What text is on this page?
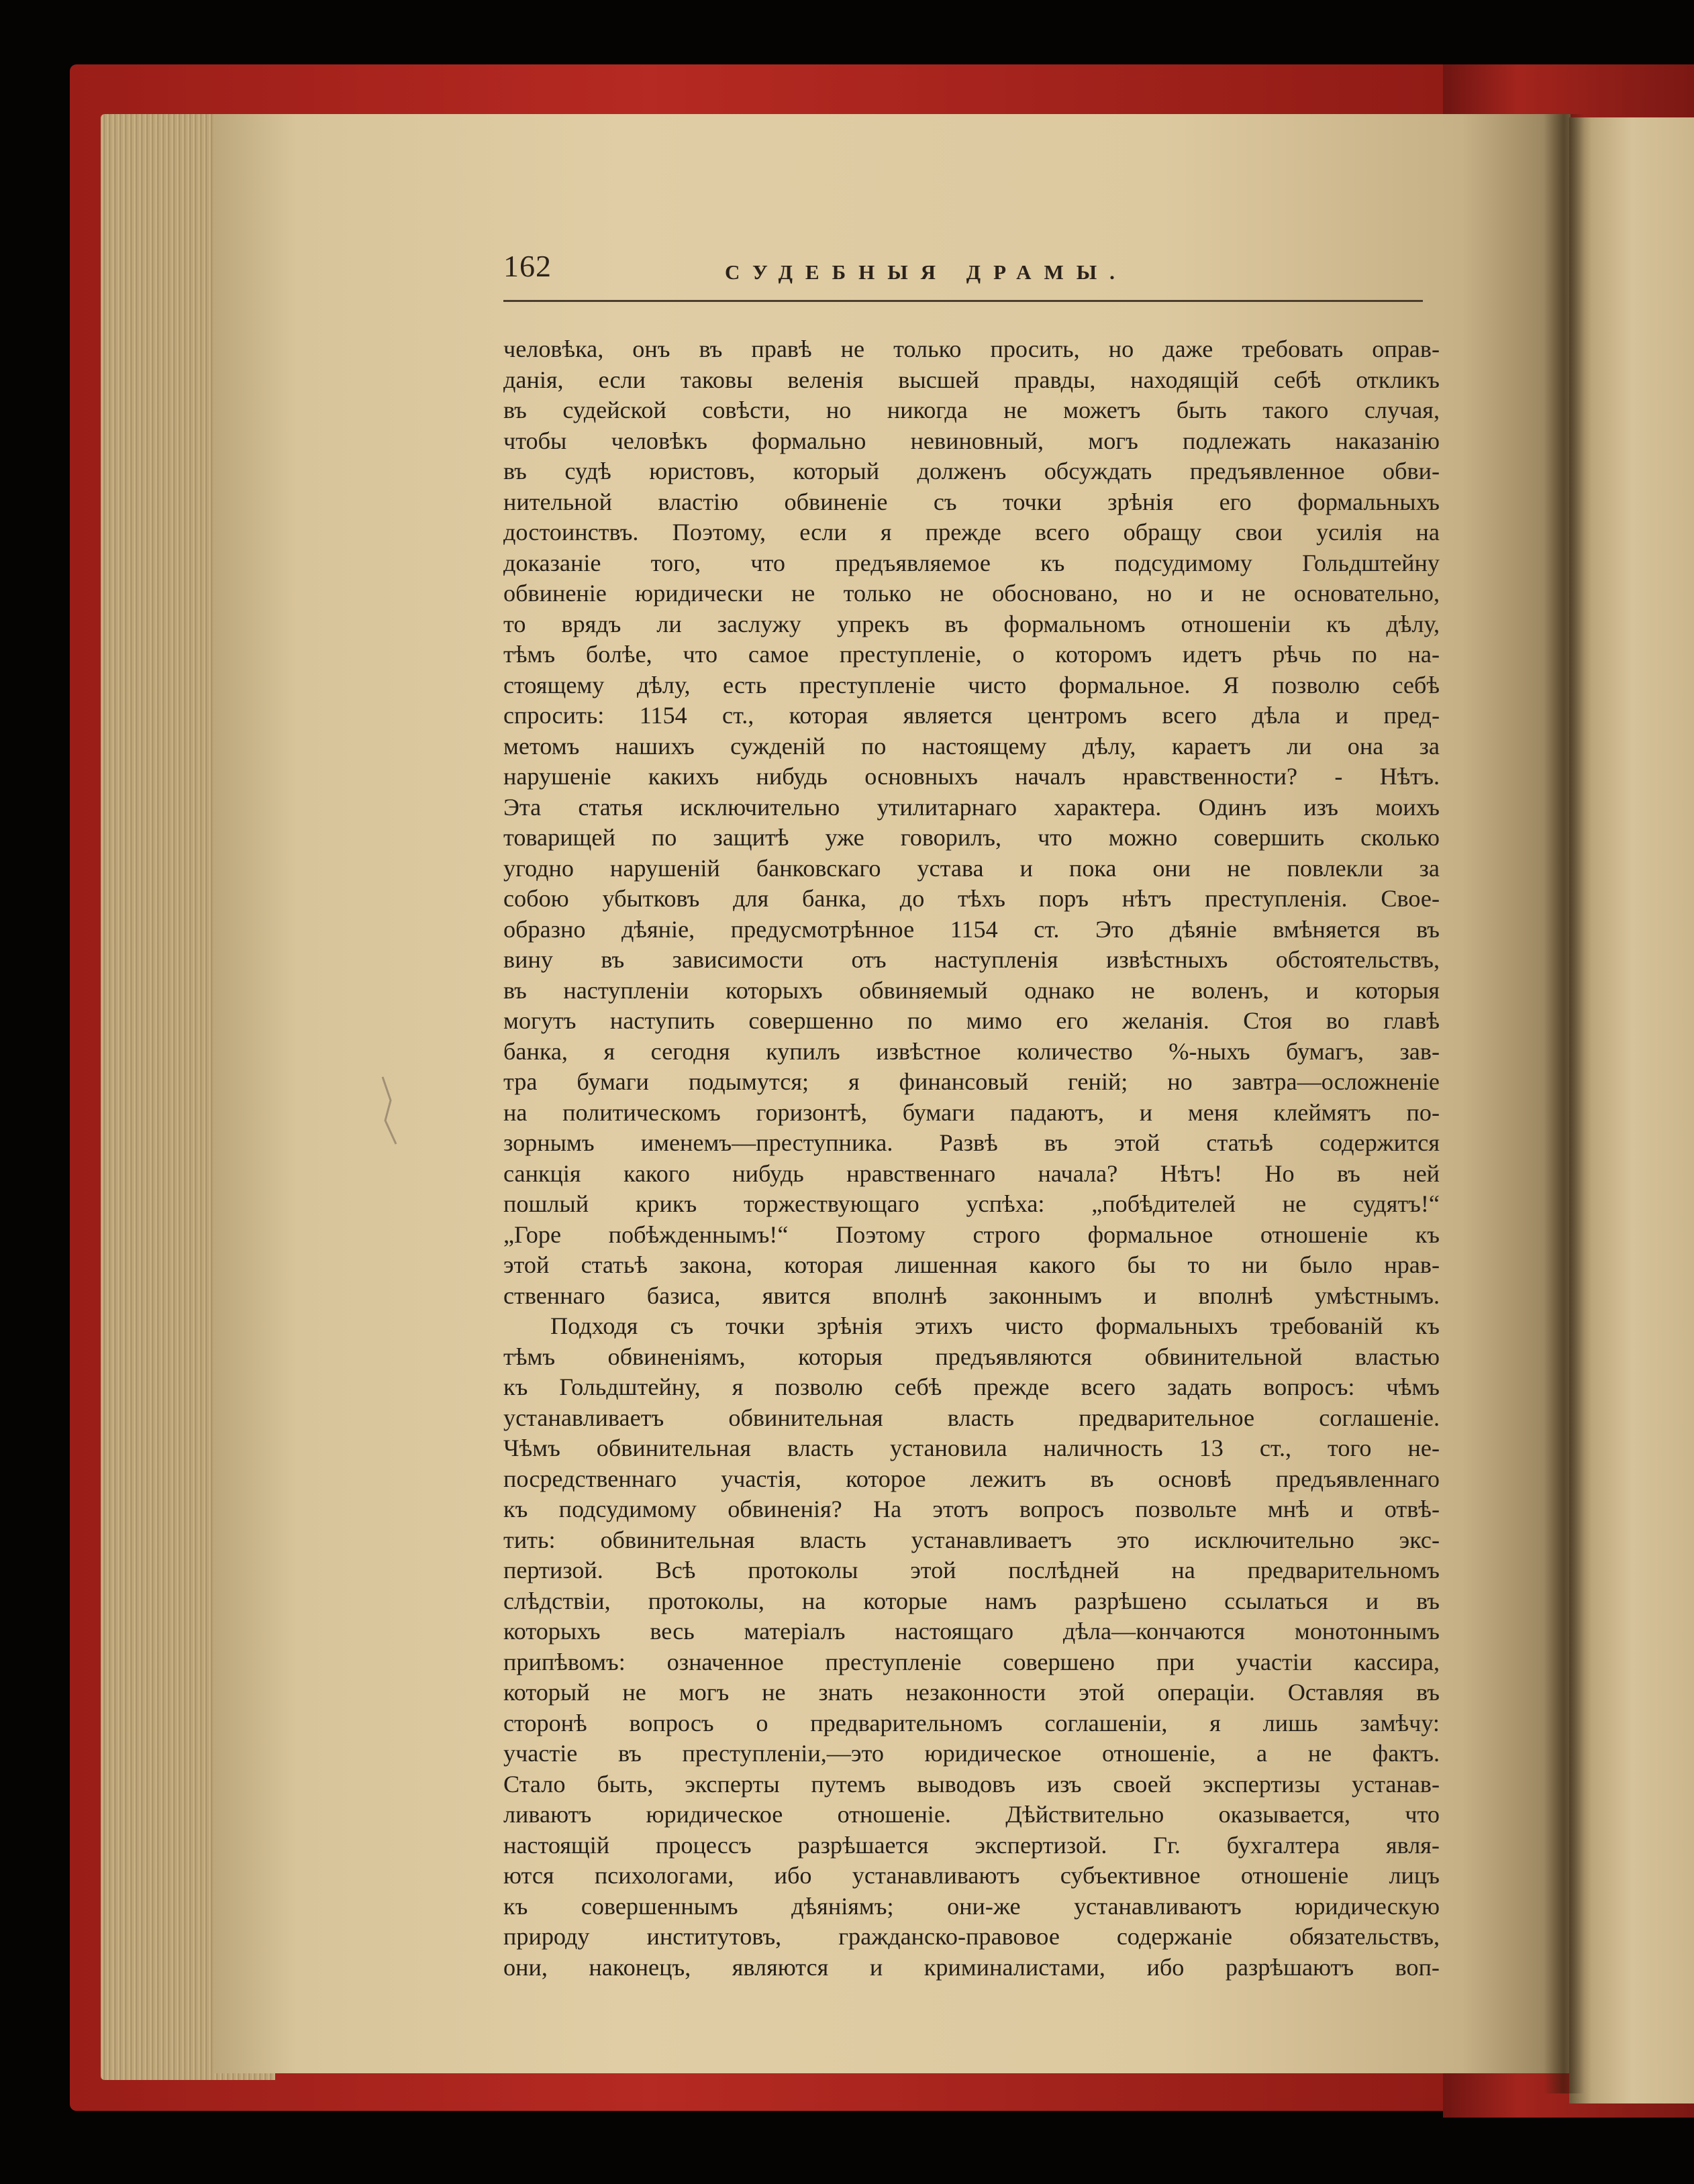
162	СУДЕБНЫЯ ДРАМЫ.
человѣка, онъ въ правѣ не только просить, но даже требовать оправ-
данія, если таковы веленія высшей правды, находящій себѣ откликъ
въ судейской совѣсти, но никогда не можетъ быть такого случая,
чтобы человѣкъ формально невиновный, могъ подлежать наказанію
въ судѣ юристовъ, который долженъ обсуждать предъявленное обви-
нительной властію обвиненіе съ точки зрѣнія его формальныхъ
достоинствъ. Поэтому, если я прежде всего обращу свои усилія на
доказаніе того, что предъявляемое къ подсудимому Гольдштейну
обвиненіе юридически не только не обосновано, но и не основательно,
то врядъ ли заслужу упрекъ въ формальномъ отношеніи къ дѣлу,
тѣмъ болѣе, что самое преступленіе, о которомъ идетъ рѣчь по на-
стоящему дѣлу, есть преступленіе чисто формальное. Я позволю себѣ
спросить: 1154 ст., которая является центромъ всего дѣла и пред-
метомъ нашихъ сужденій по настоящему дѣлу, караетъ ли она за
нарушеніе какихъ нибудь основныхъ началъ нравственности? - Нѣтъ.
Эта статья исключительно утилитарнаго характера. Одинъ изъ моихъ
товарищей по защитѣ уже говорилъ, что можно совершить сколько
угодно нарушеній банковскаго устава и пока они не повлекли за
собою убытковъ для банка, до тѣхъ поръ нѣтъ преступленія. Свое-
образно дѣяніе, предусмотрѣнное 1154 ст. Это дѣяніе вмѣняется въ
вину въ зависимости отъ наступленія извѣстныхъ обстоятельствъ,
въ наступленіи которыхъ обвиняемый однако не воленъ, и которыя
могутъ наступить совершенно по мимо его желанія. Стоя во главѣ
банка, я сегодня купилъ извѣстное количество %-ныхъ бумагъ, зав-
тра бумаги подымутся; я финансовый геній; но завтра—осложненіе
на политическомъ горизонтѣ, бумаги падаютъ, и меня клеймятъ по-
зорнымъ именемъ—преступника. Развѣ въ этой статьѣ содержится
санкція какого нибудь нравственнаго начала? Нѣтъ! Но въ ней
пошлый крикъ торжествующаго успѣха: „побѣдителей не судятъ!“
„Горе побѣжденнымъ!“ Поэтому строго формальное отношеніе къ
этой статьѣ закона, которая лишенная какого бы то ни было нрав-
ственнаго базиса, явится вполнѣ законнымъ и вполнѣ умѣстнымъ.
Подходя съ точки зрѣнія этихъ чисто формальныхъ требованій къ
тѣмъ обвиненіямъ, которыя предъявляются обвинительной властью
къ Гольдштейну, я позволю себѣ прежде всего задать вопросъ: чѣмъ
устанавливаетъ обвинительная власть предварительное соглашеніе.
Чѣмъ обвинительная власть установила наличность 13 ст., того не-
посредственнаго участія, которое лежитъ въ основѣ предъявленнаго
къ подсудимому обвиненія? На этотъ вопросъ позвольте мнѣ и отвѣ-
тить: обвинительная власть устанавливаетъ это исключительно экс-
пертизой. Всѣ протоколы этой послѣдней на предварительномъ
слѣдствіи, протоколы, на которые намъ разрѣшено ссылаться и въ
которыхъ весь матеріалъ настоящаго дѣла—кончаются монотоннымъ
припѣвомъ: означенное преступленіе совершено при участіи кассира,
который не могъ не знать незаконности этой операціи. Оставляя въ
сторонѣ вопросъ о предварительномъ соглашеніи, я лишь замѣчу:
участіе въ преступленіи,—это юридическое отношеніе, а не фактъ.
Стало быть, эксперты путемъ выводовъ изъ своей экспертизы устанав-
ливаютъ юридическое отношеніе. Дѣйствительно оказывается, что
настоящій процессъ разрѣшается экспертизой. Гг. бухгалтера явля-
ются психологами, ибо устанавливаютъ субъективное отношеніе лицъ
къ совершеннымъ дѣяніямъ; они-же устанавливаютъ юридическую
природу институтовъ, гражданско-правовое содержаніе обязательствъ,
они, наконецъ, являются и криминалистами, ибо разрѣшаютъ воп-
